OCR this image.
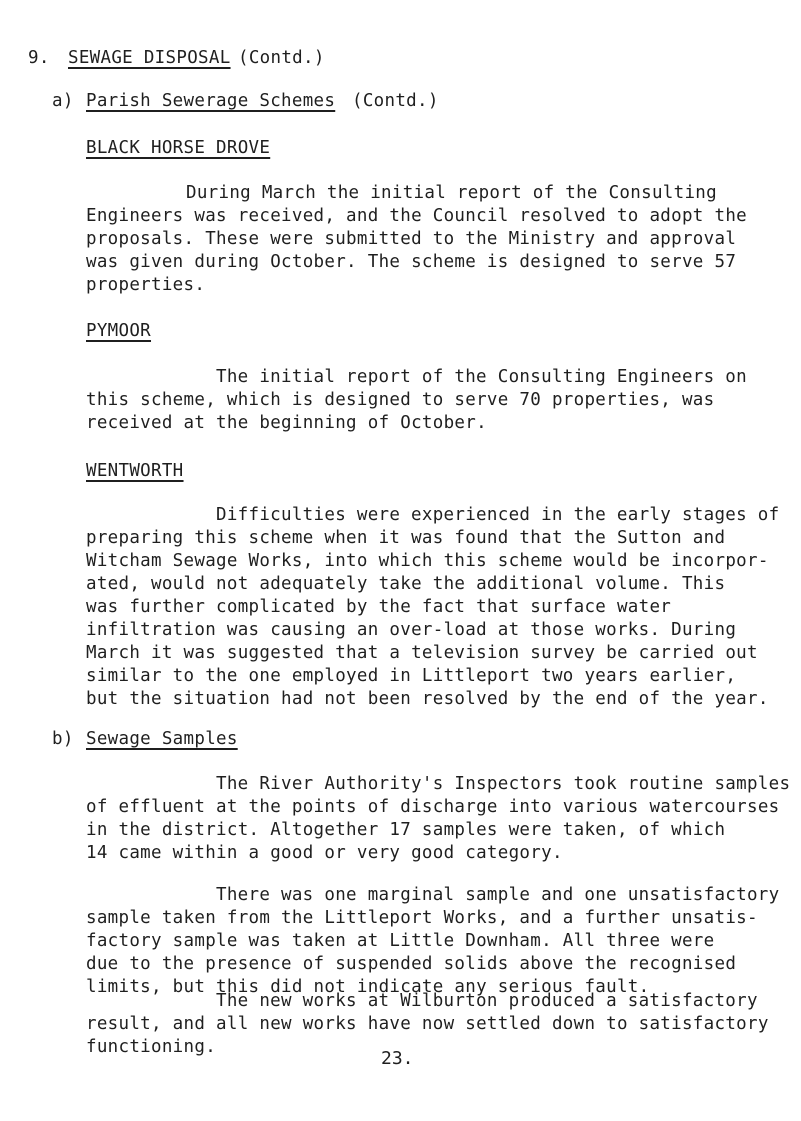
9. SEWAGE DISPOSAL (Contd.)
a) Parish Sewerage Schemes (Contd.)
BLACK HORSE DROVE

During March the initial report of the Consulting
Engineers was received, and the Council resolved to adopt the
proposals. These were submitted to the Ministry and approval
was given during October. The scheme is designed to serve 57
properties.

PYMOOR

The initial report of the Consulting Engineers on
this scheme, which is designed to serve 70 properties, was
received at the beginning of October.

WENTWORTH

Difficulties were experienced in the early stages of
preparing this scheme when it was found that the Sutton and
Witcham Sewage Works, into which this scheme would be incorpor-
ated, would not adequately take the additional volume. This
was further complicated by the fact that surface water
infiltration was causing an over-load at those works. During
March it was suggested that a television survey be carried out
similar to the one employed in Littleport two years earlier,
but the situation had not been resolved by the end of the year.

b) Sewage Samples

The River Authority's Inspectors took routine samples
of effluent at the points of discharge into various watercourses
in the district. Altogether 17 samples were taken, of which
14 came within a good or very good category.

There was one marginal sample and one unsatisfactory
sample taken from the Littleport Works, and a further unsatis-
factory sample was taken at Little Downham. All three were
due to the presence of suspended solids above the recognised
limits, but this did not indicate any serious fault.

The new works at Wilburton produced a satisfactory
result, and all new works have now settled down to satisfactory
functioning.

23.
